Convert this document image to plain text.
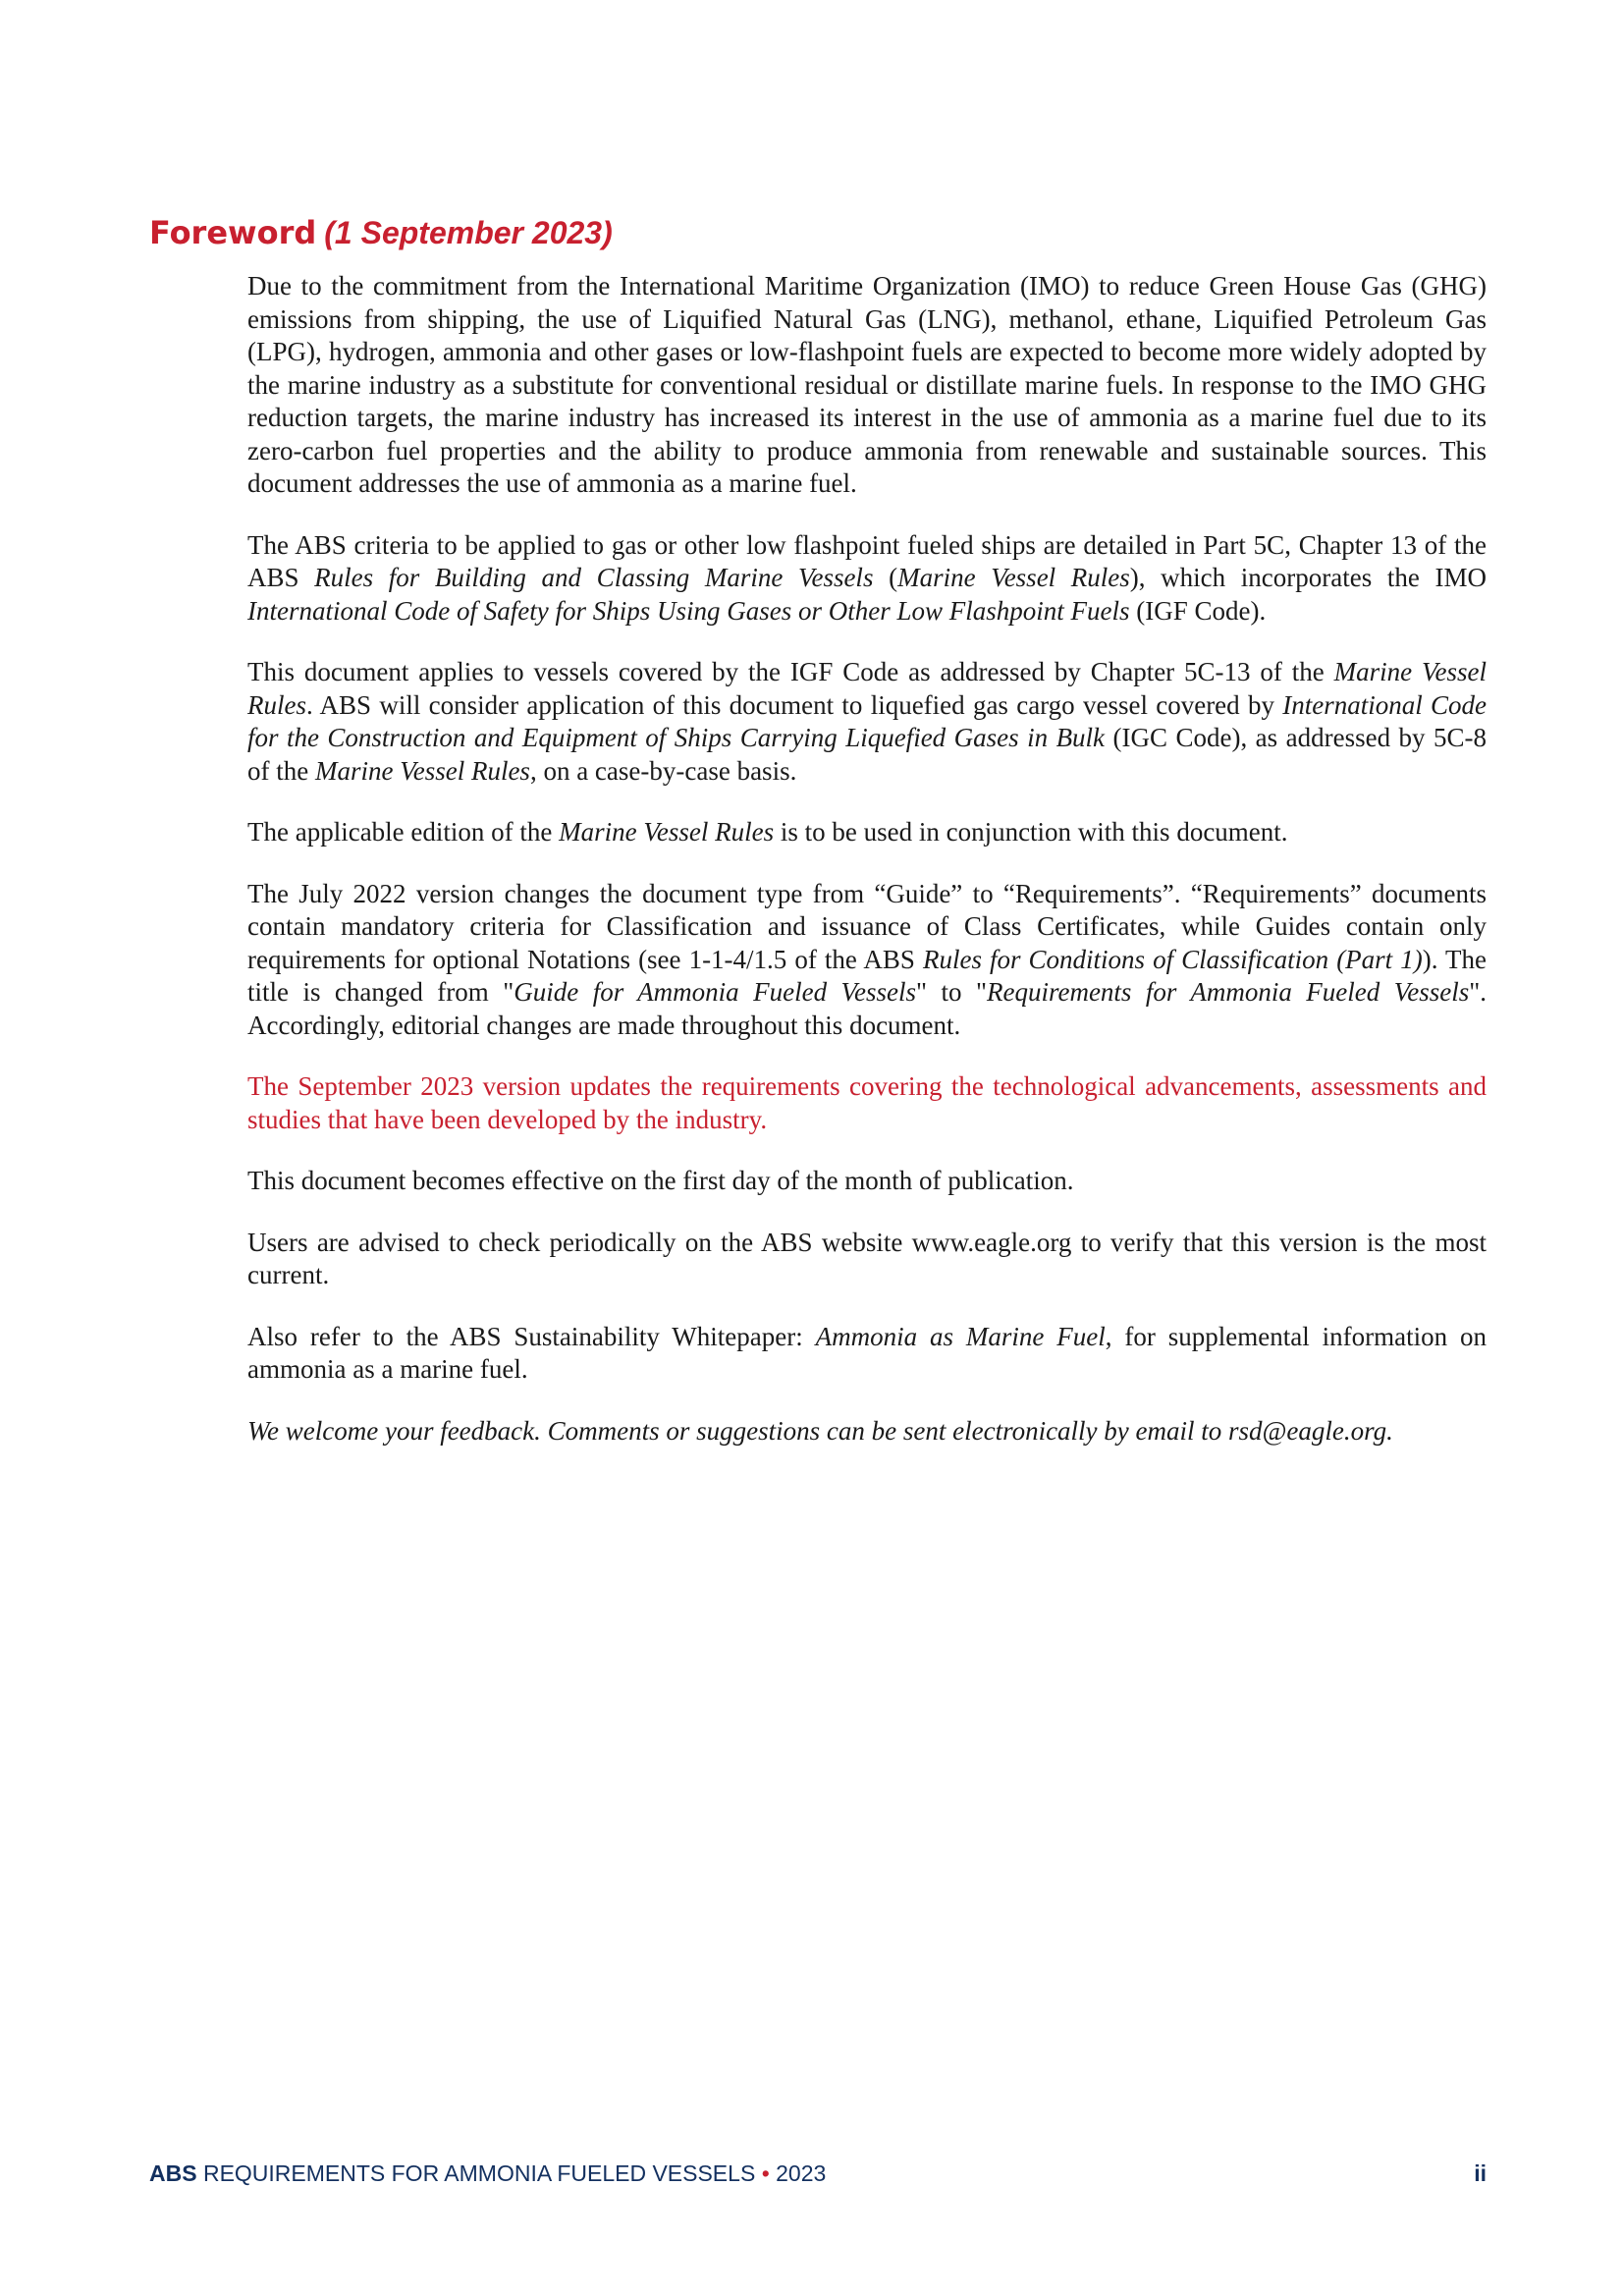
Foreword (1 September 2023)

Due to the commitment from the International Maritime Organization (IMO) to reduce Green House Gas (GHG) emissions from shipping, the use of Liquified Natural Gas (LNG), methanol, ethane, Liquified Petroleum Gas (LPG), hydrogen, ammonia and other gases or low-flashpoint fuels are expected to become more widely adopted by the marine industry as a substitute for conventional residual or distillate marine fuels. In response to the IMO GHG reduction targets, the marine industry has increased its interest in the use of ammonia as a marine fuel due to its zero-carbon fuel properties and the ability to produce ammonia from renewable and sustainable sources. This document addresses the use of ammonia as a marine fuel.

The ABS criteria to be applied to gas or other low flashpoint fueled ships are detailed in Part 5C, Chapter 13 of the ABS Rules for Building and Classing Marine Vessels (Marine Vessel Rules), which incorporates the IMO International Code of Safety for Ships Using Gases or Other Low Flashpoint Fuels (IGF Code).

This document applies to vessels covered by the IGF Code as addressed by Chapter 5C-13 of the Marine Vessel Rules. ABS will consider application of this document to liquefied gas cargo vessel covered by International Code for the Construction and Equipment of Ships Carrying Liquefied Gases in Bulk (IGC Code), as addressed by 5C-8 of the Marine Vessel Rules, on a case-by-case basis.

The applicable edition of the Marine Vessel Rules is to be used in conjunction with this document.

The July 2022 version changes the document type from “Guide” to “Requirements”. “Requirements” documents contain mandatory criteria for Classification and issuance of Class Certificates, while Guides contain only requirements for optional Notations (see 1-1-4/1.5 of the ABS Rules for Conditions of Classification (Part 1)). The title is changed from "Guide for Ammonia Fueled Vessels" to "Requirements for Ammonia Fueled Vessels". Accordingly, editorial changes are made throughout this document.

The September 2023 version updates the requirements covering the technological advancements, assessments and studies that have been developed by the industry.

This document becomes effective on the first day of the month of publication.

Users are advised to check periodically on the ABS website www.eagle.org to verify that this version is the most current.

Also refer to the ABS Sustainability Whitepaper: Ammonia as Marine Fuel, for supplemental information on ammonia as a marine fuel.

We welcome your feedback. Comments or suggestions can be sent electronically by email to rsd@eagle.org.

ABS REQUIREMENTS FOR AMMONIA FUELED VESSELS • 2023	ii
